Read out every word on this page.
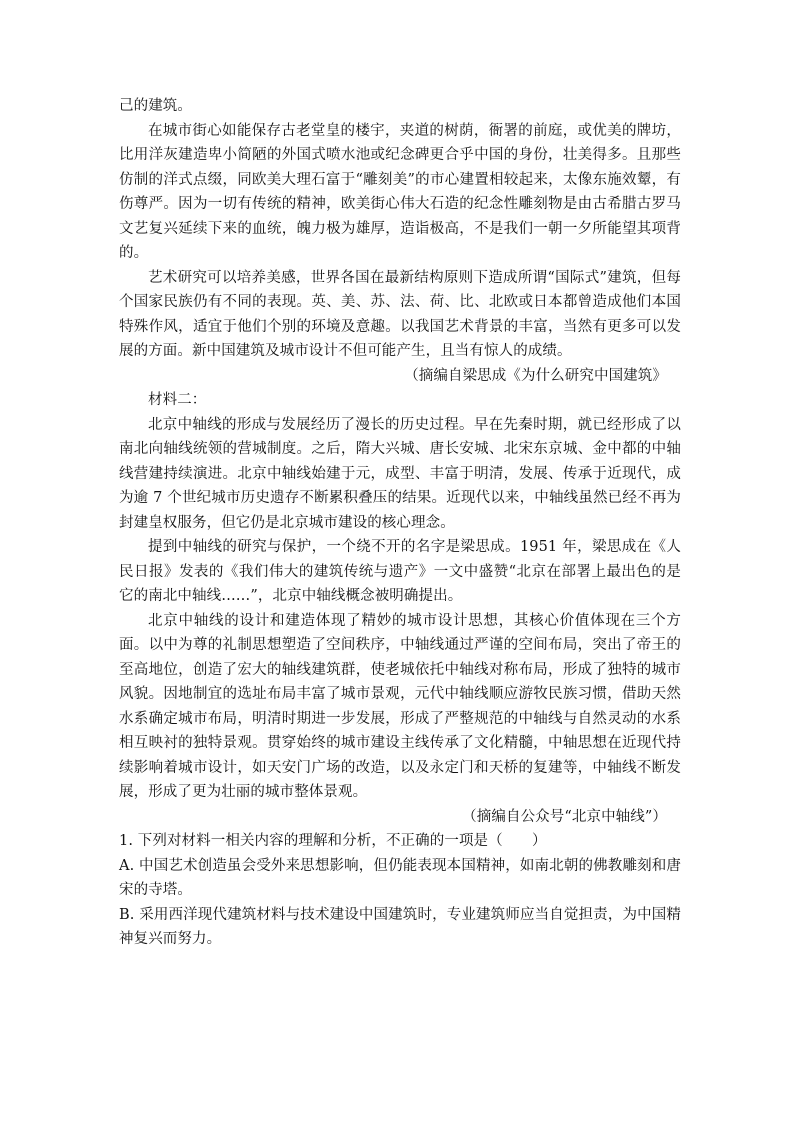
己的建筑。

在城市街心如能保存古老堂皇的楼宇，夹道的树荫，衙署的前庭，或优美的牌坊，比用洋灰建造卑小简陋的外国式喷水池或纪念碑更合乎中国的身份，壮美得多。且那些仿制的洋式点缀，同欧美大理石富于“雕刻美”的市心建置相较起来，太像东施效颦，有伤尊严。因为一切有传统的精神，欧美街心伟大石造的纪念性雕刻物是由古希腊古罗马文艺复兴延续下来的血统，魄力极为雄厚，造诣极高，不是我们一朝一夕所能望其项背的。

艺术研究可以培养美感，世界各国在最新结构原则下造成所谓“国际式”建筑，但每个国家民族仍有不同的表现。英、美、苏、法、荷、比、北欧或日本都曾造成他们本国特殊作风，适宜于他们个别的环境及意趣。以我国艺术背景的丰富，当然有更多可以发展的方面。新中国建筑及城市设计不但可能产生，且当有惊人的成绩。

（摘编自梁思成《为什么研究中国建筑》

材料二：

北京中轴线的形成与发展经历了漫长的历史过程。早在先秦时期，就已经形成了以南北向轴线统领的营城制度。之后，隋大兴城、唐长安城、北宋东京城、金中都的中轴线营建持续演进。北京中轴线始建于元，成型、丰富于明清，发展、传承于近现代，成为逾 7 个世纪城市历史遗存不断累积叠压的结果。近现代以来，中轴线虽然已经不再为封建皇权服务，但它仍是北京城市建设的核心理念。

提到中轴线的研究与保护，一个绕不开的名字是梁思成。1951 年，梁思成在《人民日报》发表的《我们伟大的建筑传统与遗产》一文中盛赞“北京在部署上最出色的是它的南北中轴线……”，北京中轴线概念被明确提出。

北京中轴线的设计和建造体现了精妙的城市设计思想，其核心价值体现在三个方面。以中为尊的礼制思想塑造了空间秩序，中轴线通过严谨的空间布局，突出了帝王的至高地位，创造了宏大的轴线建筑群，使老城依托中轴线对称布局，形成了独特的城市风貌。因地制宜的选址布局丰富了城市景观，元代中轴线顺应游牧民族习惯，借助天然水系确定城市布局，明清时期进一步发展，形成了严整规范的中轴线与自然灵动的水系相互映衬的独特景观。贯穿始终的城市建设主线传承了文化精髓，中轴思想在近现代持续影响着城市设计，如天安门广场的改造，以及永定门和天桥的复建等，中轴线不断发展，形成了更为壮丽的城市整体景观。

（摘编自公众号“北京中轴线”）

1. 下列对材料一相关内容的理解和分析，不正确的一项是（　　）

A. 中国艺术创造虽会受外来思想影响，但仍能表现本国精神，如南北朝的佛教雕刻和唐宋的寺塔。

B. 采用西洋现代建筑材料与技术建设中国建筑时，专业建筑师应当自觉担责，为中国精神复兴而努力。
